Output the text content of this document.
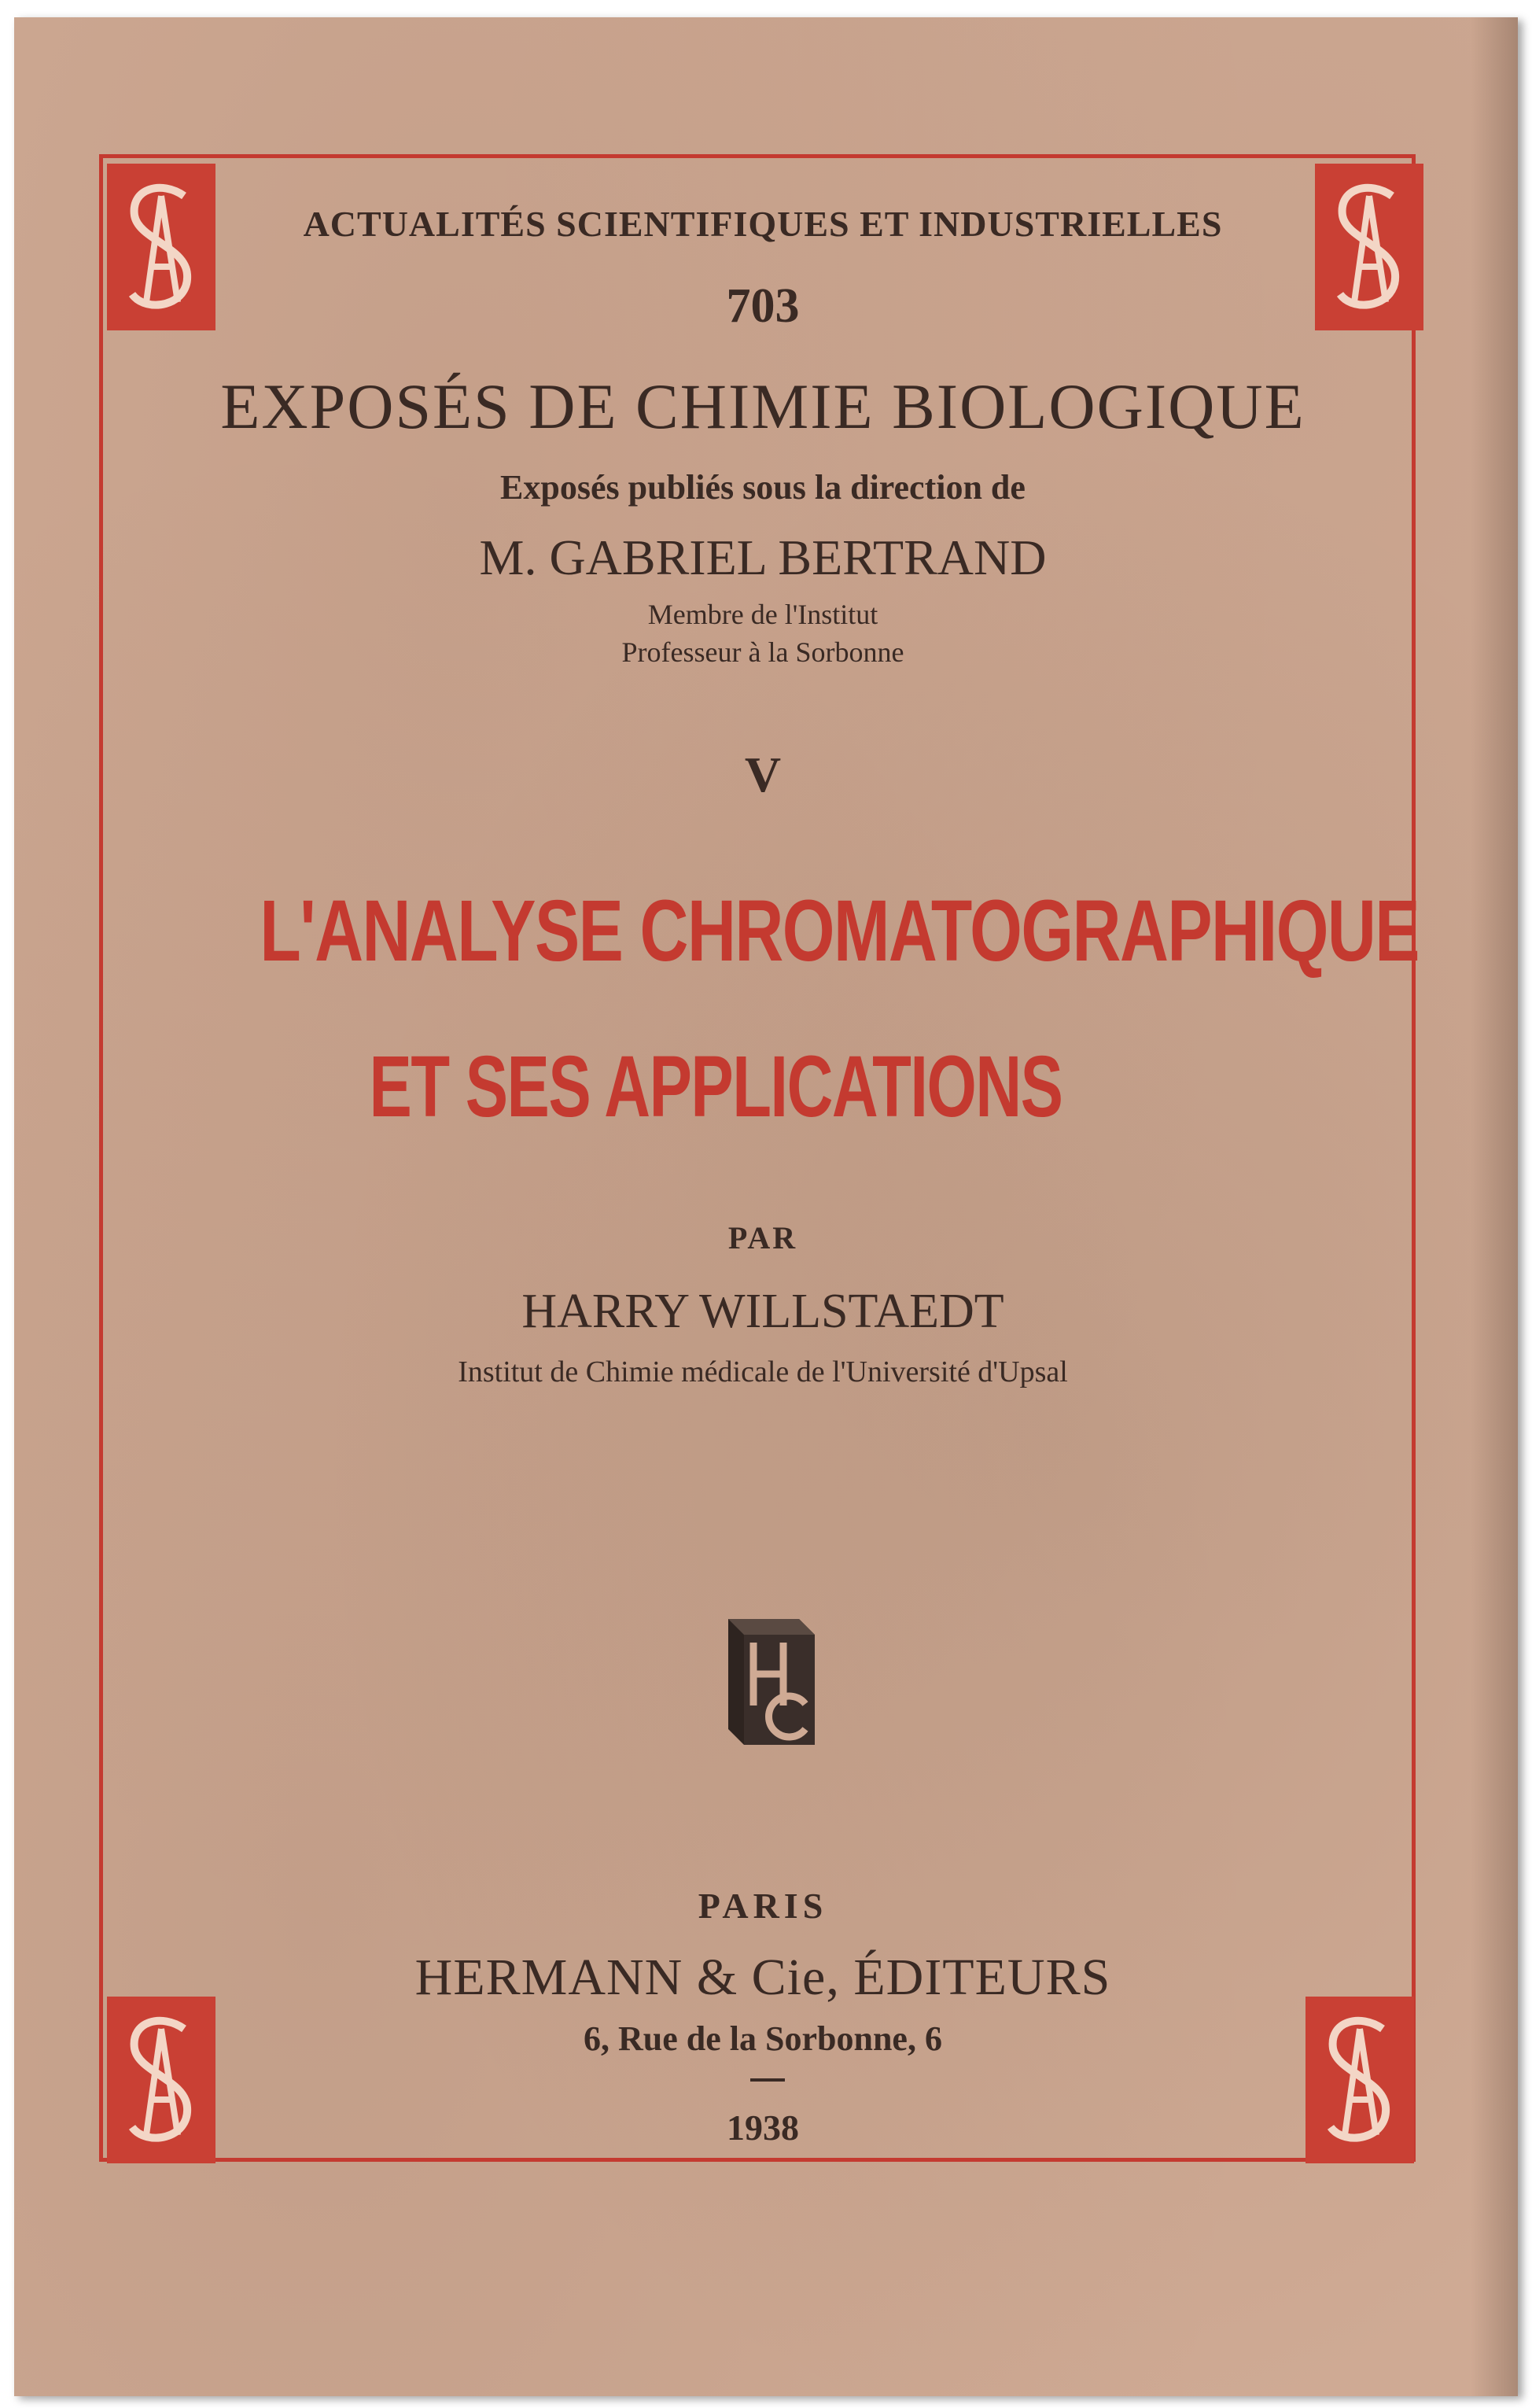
ACTUALITÉS SCIENTIFIQUES ET INDUSTRIELLES
703
EXPOSÉS DE CHIMIE BIOLOGIQUE
Exposés publiés sous la direction de
M. GABRIEL BERTRAND
Membre de l'Institut
Professeur à la Sorbonne
V
L'ANALYSE CHROMATOGRAPHIQUE
ET SES APPLICATIONS
PAR
HARRY WILLSTAEDT
Institut de Chimie médicale de l'Université d'Upsal
PARIS
HERMANN & Cie, ÉDITEURS
6, Rue de la Sorbonne, 6
1938
